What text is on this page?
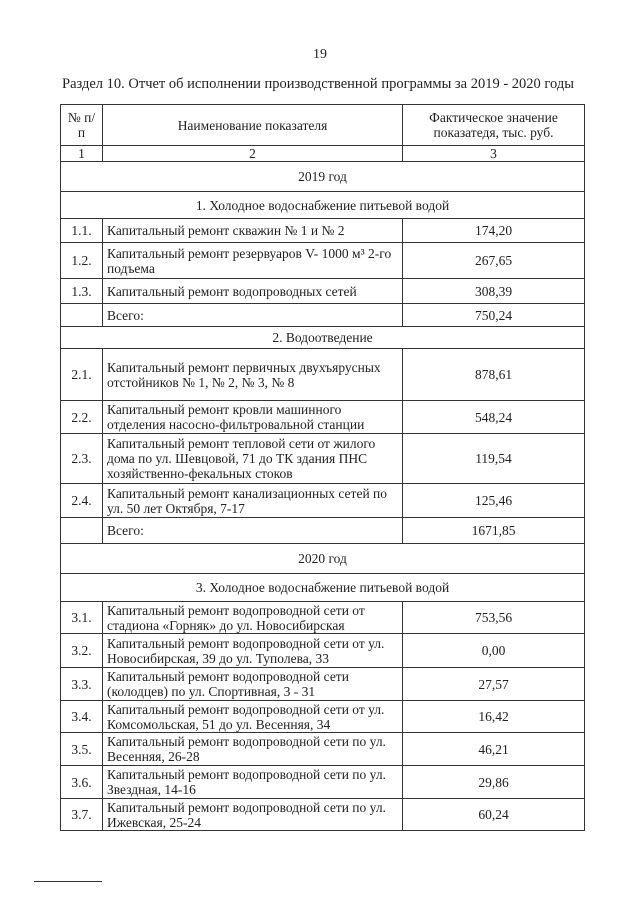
19
Раздел 10. Отчет об исполнении производственной программы за 2019 - 2020 годы
№ п/п	Наименование показателя	Фактическое значение показатедя, тыс. руб.
1	2	3
2019 год		
1. Холодное водоснабжение питьевой водой		
1.1.	Капитальный ремонт скважин № 1 и № 2	174,20
1.2.	Капитальный ремонт резервуаров V- 1000 м³ 2-го подъема	267,65
1.3.	Капитальный ремонт водопроводных сетей	308,39
	Всего:	750,24
2. Водоотведение		
2.1.	Капитальный ремонт первичных двухъярусных отстойников № 1, № 2, № 3, № 8	878,61
2.2.	Капитальный ремонт кровли машинного отделения насосно-фильтровальной станции	548,24
2.3.	Капитальный ремонт тепловой сети от жилого дома по ул. Шевцовой, 71 до ТК здания ПНС хозяйственно-фекальных стоков	119,54
2.4.	Капитальный ремонт канализационных сетей по ул. 50 лет Октября, 7-17	125,46
	Всего:	1671,85
2020 год		
3. Холодное водоснабжение питьевой водой		
3.1.	Капитальный ремонт водопроводной сети от стадиона «Горняк» до ул. Новосибирская	753,56
3.2.	Капитальный ремонт водопроводной сети от ул. Новосибирская, 39 до ул. Туполева, 33	0,00
3.3.	Капитальный ремонт водопроводной сети (колодцев) по ул. Спортивная, 3 - 31	27,57
3.4.	Капитальный ремонт водопроводной сети от ул. Комсомольская, 51 до ул. Весенняя, 34	16,42
3.5.	Капитальный ремонт водопроводной сети по ул. Весенняя, 26-28	46,21
3.6.	Капитальный ремонт водопроводной сети по ул. Звездная, 14-16	29,86
3.7.	Капитальный ремонт водопроводной сети по ул. Ижевская, 25-24	60,24
